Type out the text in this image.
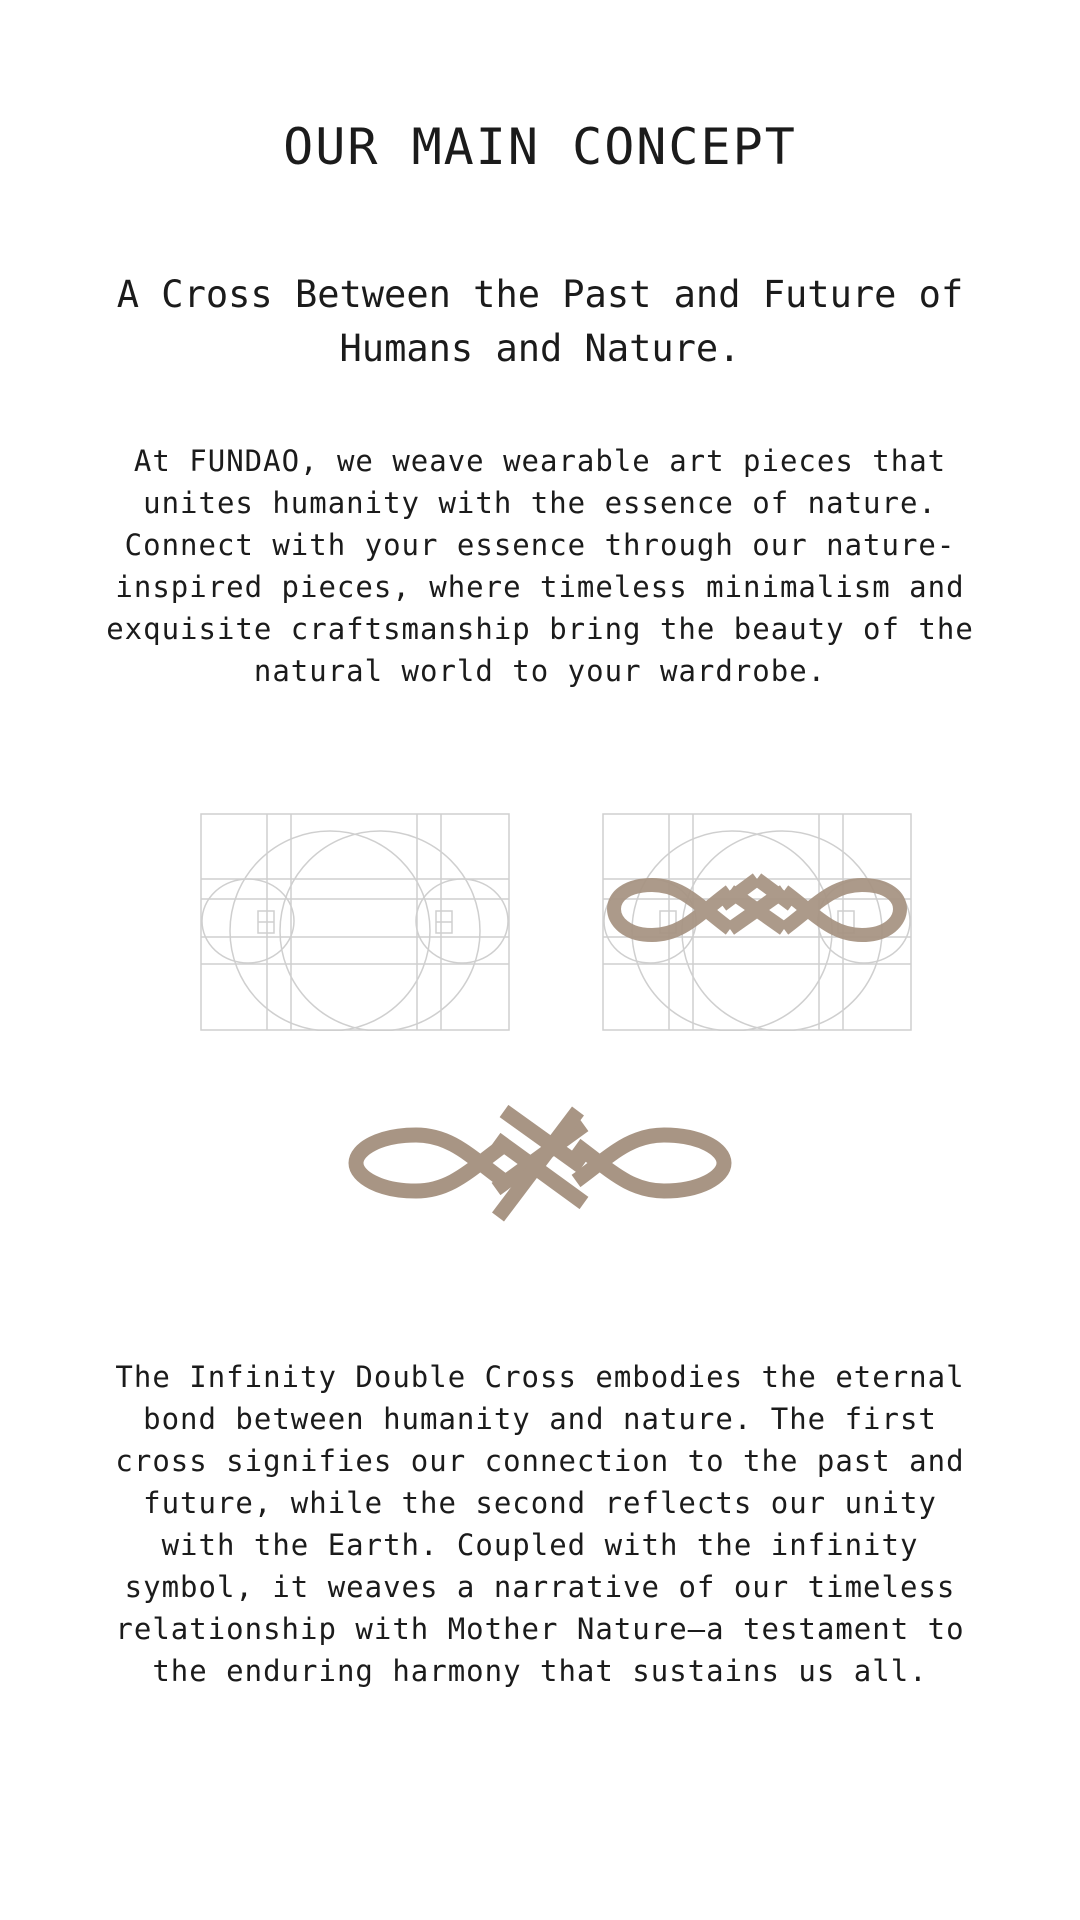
OUR MAIN CONCEPT
A Cross Between the Past and Future of Humans and Nature.

At FUNDAO, we weave wearable art pieces that unites humanity with the essence of nature. Connect with your essence through our nature-inspired pieces, where timeless minimalism and exquisite craftsmanship bring the beauty of the natural world to your wardrobe.

The Infinity Double Cross embodies the eternal bond between humanity and nature. The first cross signifies our connection to the past and future, while the second reflects our unity with the Earth. Coupled with the infinity symbol, it weaves a narrative of our timeless relationship with Mother Nature—a testament to the enduring harmony that sustains us all.
